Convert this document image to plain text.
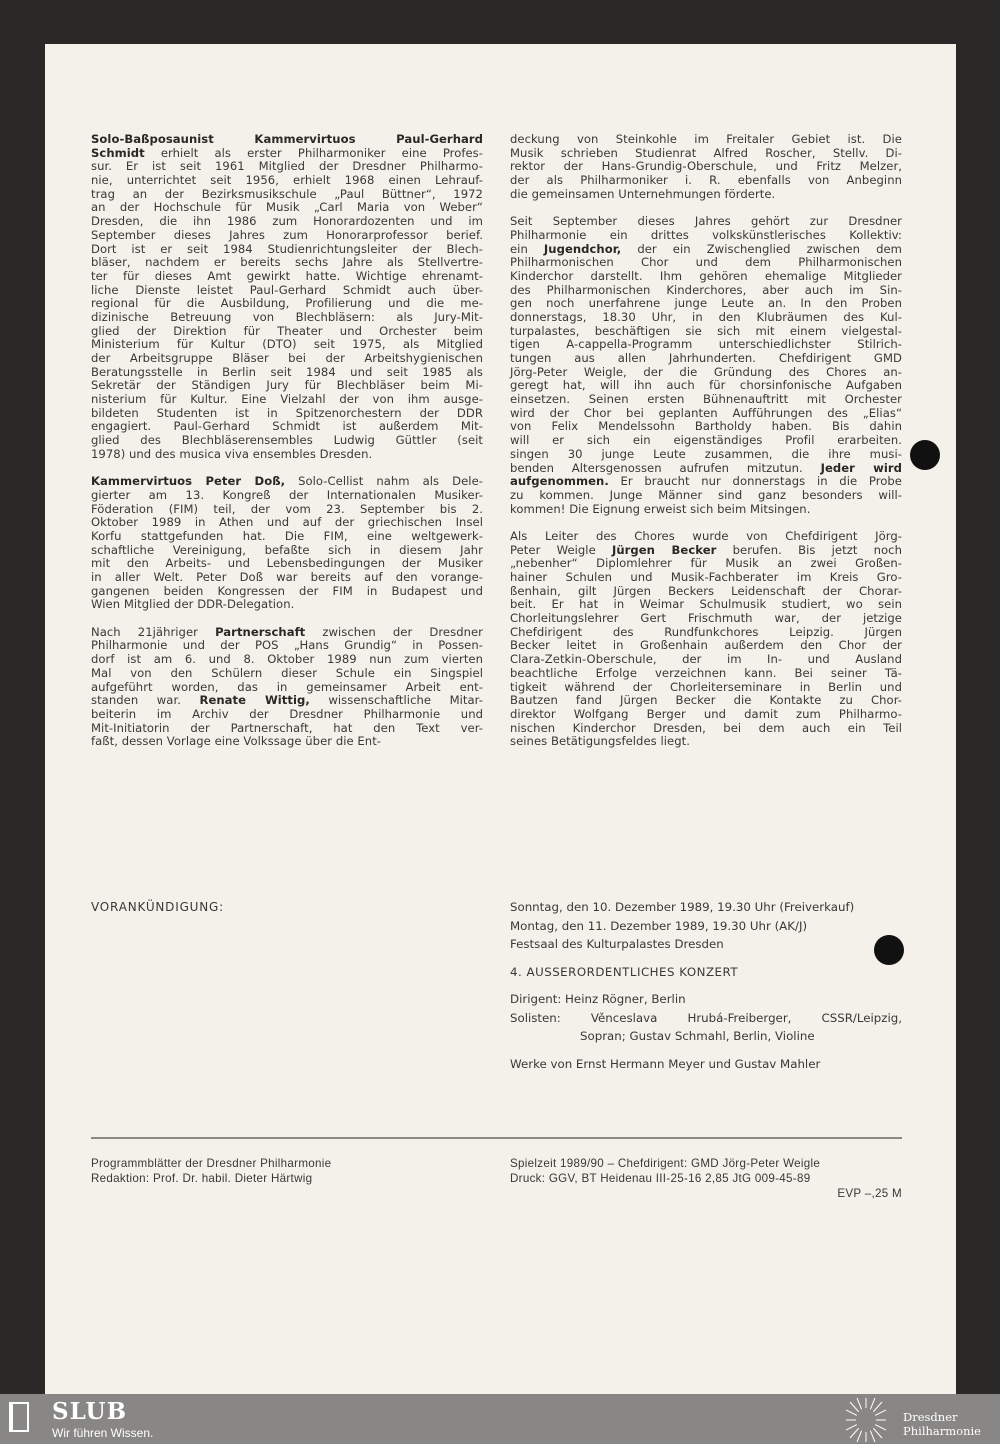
Solo-Baßposaunist Kammervirtuos Paul-Gerhard
Schmidt erhielt als erster Philharmoniker eine Profes-
sur. Er ist seit 1961 Mitglied der Dresdner Philharmo-
nie, unterrichtet seit 1956, erhielt 1968 einen Lehrauf-
trag an der Bezirksmusikschule „Paul Büttner“, 1972
an der Hochschule für Musik „Carl Maria von Weber“
Dresden, die ihn 1986 zum Honorardozenten und im
September dieses Jahres zum Honorarprofessor berief.
Dort ist er seit 1984 Studienrichtungsleiter der Blech-
bläser, nachdem er bereits sechs Jahre als Stellvertre-
ter für dieses Amt gewirkt hatte. Wichtige ehrenamt-
liche Dienste leistet Paul-Gerhard Schmidt auch über-
regional für die Ausbildung, Profilierung und die me-
dizinische Betreuung von Blechbläsern: als Jury-Mit-
glied der Direktion für Theater und Orchester beim
Ministerium für Kultur (DTO) seit 1975, als Mitglied
der Arbeitsgruppe Bläser bei der Arbeitshygienischen
Beratungsstelle in Berlin seit 1984 und seit 1985 als
Sekretär der Ständigen Jury für Blechbläser beim Mi-
nisterium für Kultur. Eine Vielzahl der von ihm ausge-
bildeten Studenten ist in Spitzenorchestern der DDR
engagiert. Paul-Gerhard Schmidt ist außerdem Mit-
glied des Blechbläserensembles Ludwig Güttler (seit
1978) und des musica viva ensembles Dresden.
Kammervirtuos Peter Doß, Solo-Cellist nahm als Dele-
gierter am 13. Kongreß der Internationalen Musiker-
Föderation (FIM) teil, der vom 23. September bis 2.
Oktober 1989 in Athen und auf der griechischen Insel
Korfu stattgefunden hat. Die FIM, eine weltgewerk-
schaftliche Vereinigung, befaßte sich in diesem Jahr
mit den Arbeits- und Lebensbedingungen der Musiker
in aller Welt. Peter Doß war bereits auf den vorange-
gangenen beiden Kongressen der FIM in Budapest und
Wien Mitglied der DDR-Delegation.
Nach 21jähriger Partnerschaft zwischen der Dresdner
Philharmonie und der POS „Hans Grundig“ in Possen-
dorf ist am 6. und 8. Oktober 1989 nun zum vierten
Mal von den Schülern dieser Schule ein Singspiel
aufgeführt worden, das in gemeinsamer Arbeit ent-
standen war. Renate Wittig, wissenschaftliche Mitar-
beiterin im Archiv der Dresdner Philharmonie und
Mit-Initiatorin der Partnerschaft, hat den Text ver-
faßt, dessen Vorlage eine Volkssage über die Ent-
deckung von Steinkohle im Freitaler Gebiet ist. Die
Musik schrieben Studienrat Alfred Roscher, Stellv. Di-
rektor der Hans-Grundig-Oberschule, und Fritz Melzer,
der als Philharmoniker i. R. ebenfalls von Anbeginn
die gemeinsamen Unternehmungen förderte.
Seit September dieses Jahres gehört zur Dresdner
Philharmonie ein drittes volkskünstlerisches Kollektiv:
ein Jugendchor, der ein Zwischenglied zwischen dem
Philharmonischen Chor und dem Philharmonischen
Kinderchor darstellt. Ihm gehören ehemalige Mitglieder
des Philharmonischen Kinderchores, aber auch im Sin-
gen noch unerfahrene junge Leute an. In den Proben
donnerstags, 18.30 Uhr, in den Klubräumen des Kul-
turpalastes, beschäftigen sie sich mit einem vielgestal-
tigen A-cappella-Programm unterschiedlichster Stilrich-
tungen aus allen Jahrhunderten. Chefdirigent GMD
Jörg-Peter Weigle, der die Gründung des Chores an-
geregt hat, will ihn auch für chorsinfonische Aufgaben
einsetzen. Seinen ersten Bühnenauftritt mit Orchester
wird der Chor bei geplanten Aufführungen des „Elias“
von Felix Mendelssohn Bartholdy haben. Bis dahin
will er sich ein eigenständiges Profil erarbeiten.
singen 30 junge Leute zusammen, die ihre musi-
benden Altersgenossen aufrufen mitzutun. Jeder wird
aufgenommen. Er braucht nur donnerstags in die Probe
zu kommen. Junge Männer sind ganz besonders will-
kommen! Die Eignung erweist sich beim Mitsingen.
Als Leiter des Chores wurde von Chefdirigent Jörg-
Peter Weigle Jürgen Becker berufen. Bis jetzt noch
„nebenher“ Diplomlehrer für Musik an zwei Großen-
hainer Schulen und Musik-Fachberater im Kreis Gro-
ßenhain, gilt Jürgen Beckers Leidenschaft der Chorar-
beit. Er hat in Weimar Schulmusik studiert, wo sein
Chorleitungslehrer Gert Frischmuth war, der jetzige
Chefdirigent des Rundfunkchores Leipzig. Jürgen
Becker leitet in Großenhain außerdem den Chor der
Clara-Zetkin-Oberschule, der im In- und Ausland
beachtliche Erfolge verzeichnen kann. Bei seiner Tä-
tigkeit während der Chorleiterseminare in Berlin und
Bautzen fand Jürgen Becker die Kontakte zu Chor-
direktor Wolfgang Berger und damit zum Philharmo-
nischen Kinderchor Dresden, bei dem auch ein Teil
seines Betätigungsfeldes liegt.
VORANKÜNDIGUNG:	Sonntag, den 10. Dezember 1989, 19.30 Uhr (Freiverkauf)
Montag, den 11. Dezember 1989, 19.30 Uhr (AK/J)
Festsaal des Kulturpalastes Dresden
4. AUSSERORDENTLICHES KONZERT
Dirigent: Heinz Rögner, Berlin
Solisten:	Věnceslava Hrubá-Freiberger, CSSR/Leipzig,
Sopran; Gustav Schmahl, Berlin, Violine
Werke von Ernst Hermann Meyer und Gustav Mahler
Programmblätter der Dresdner Philharmonie
Redaktion: Prof. Dr. habil. Dieter Härtwig
Spielzeit 1989/90 – Chefdirigent: GMD Jörg-Peter Weigle
Druck: GGV, BT Heidenau III-25-16 2,85 JtG 009-45-89
EVP –,25 M
SLUB
Wir führen Wissen.
Dresdner
Philharmonie
